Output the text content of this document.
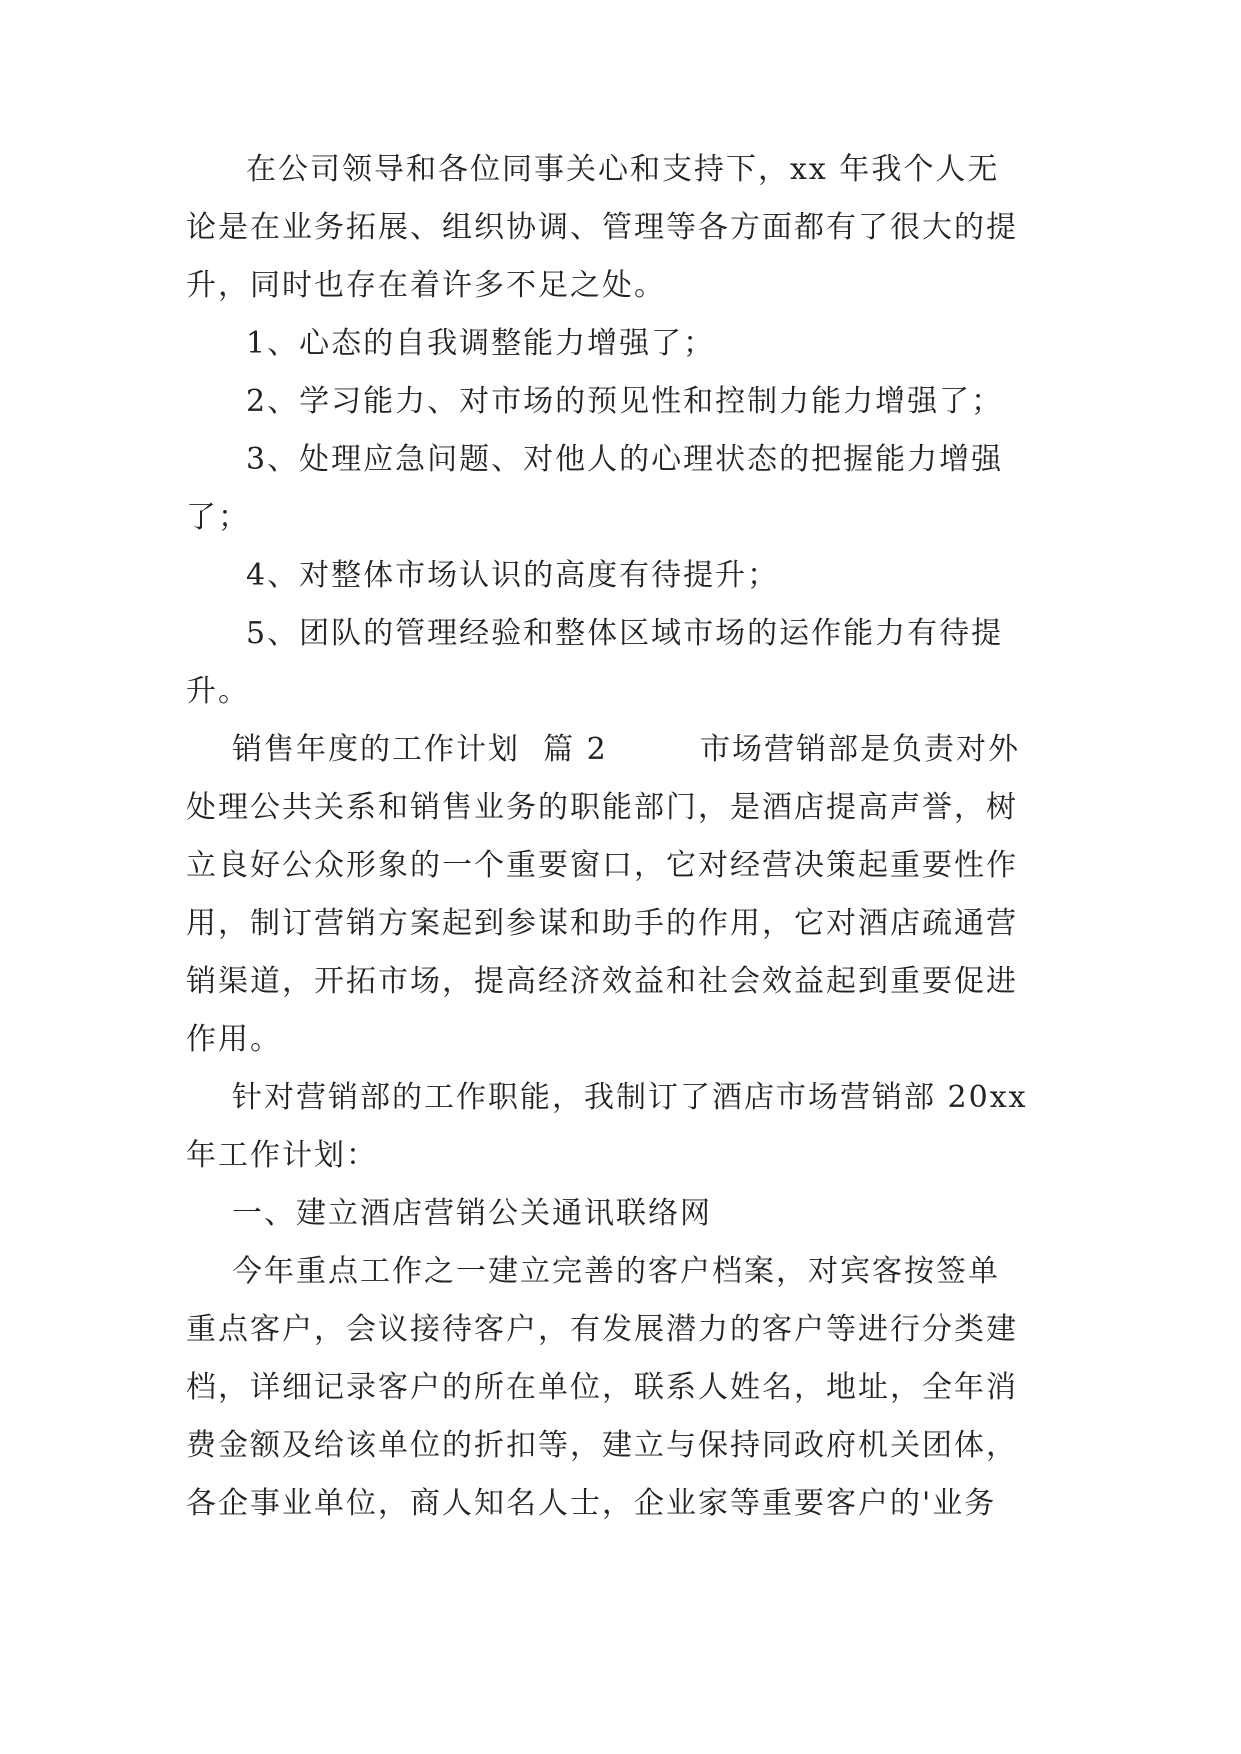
在公司领导和各位同事关心和支持下，xx 年我个人无
论是在业务拓展、组织协调、管理等各方面都有了很大的提
升，同时也存在着许多不足之处。
1、心态的自我调整能力增强了；
2、学习能力、对市场的预见性和控制力能力增强了；
3、处理应急问题、对他人的心理状态的把握能力增强
了；
4、对整体市场认识的高度有待提升；
5、团队的管理经验和整体区域市场的运作能力有待提
升。
销售年度的工作计划  篇 2        市场营销部是负责对外
处理公共关系和销售业务的职能部门，是酒店提高声誉，树
立良好公众形象的一个重要窗口，它对经营决策起重要性作
用，制订营销方案起到参谋和助手的作用，它对酒店疏通营
销渠道，开拓市场，提高经济效益和社会效益起到重要促进
作用。
针对营销部的工作职能，我制订了酒店市场营销部 20xx
年工作计划：
一、建立酒店营销公关通讯联络网
今年重点工作之一建立完善的客户档案，对宾客按签单
重点客户，会议接待客户，有发展潜力的客户等进行分类建
档，详细记录客户的所在单位，联系人姓名，地址，全年消
费金额及给该单位的折扣等，建立与保持同政府机关团体，
各企事业单位，商人知名人士，企业家等重要客户的'业务
